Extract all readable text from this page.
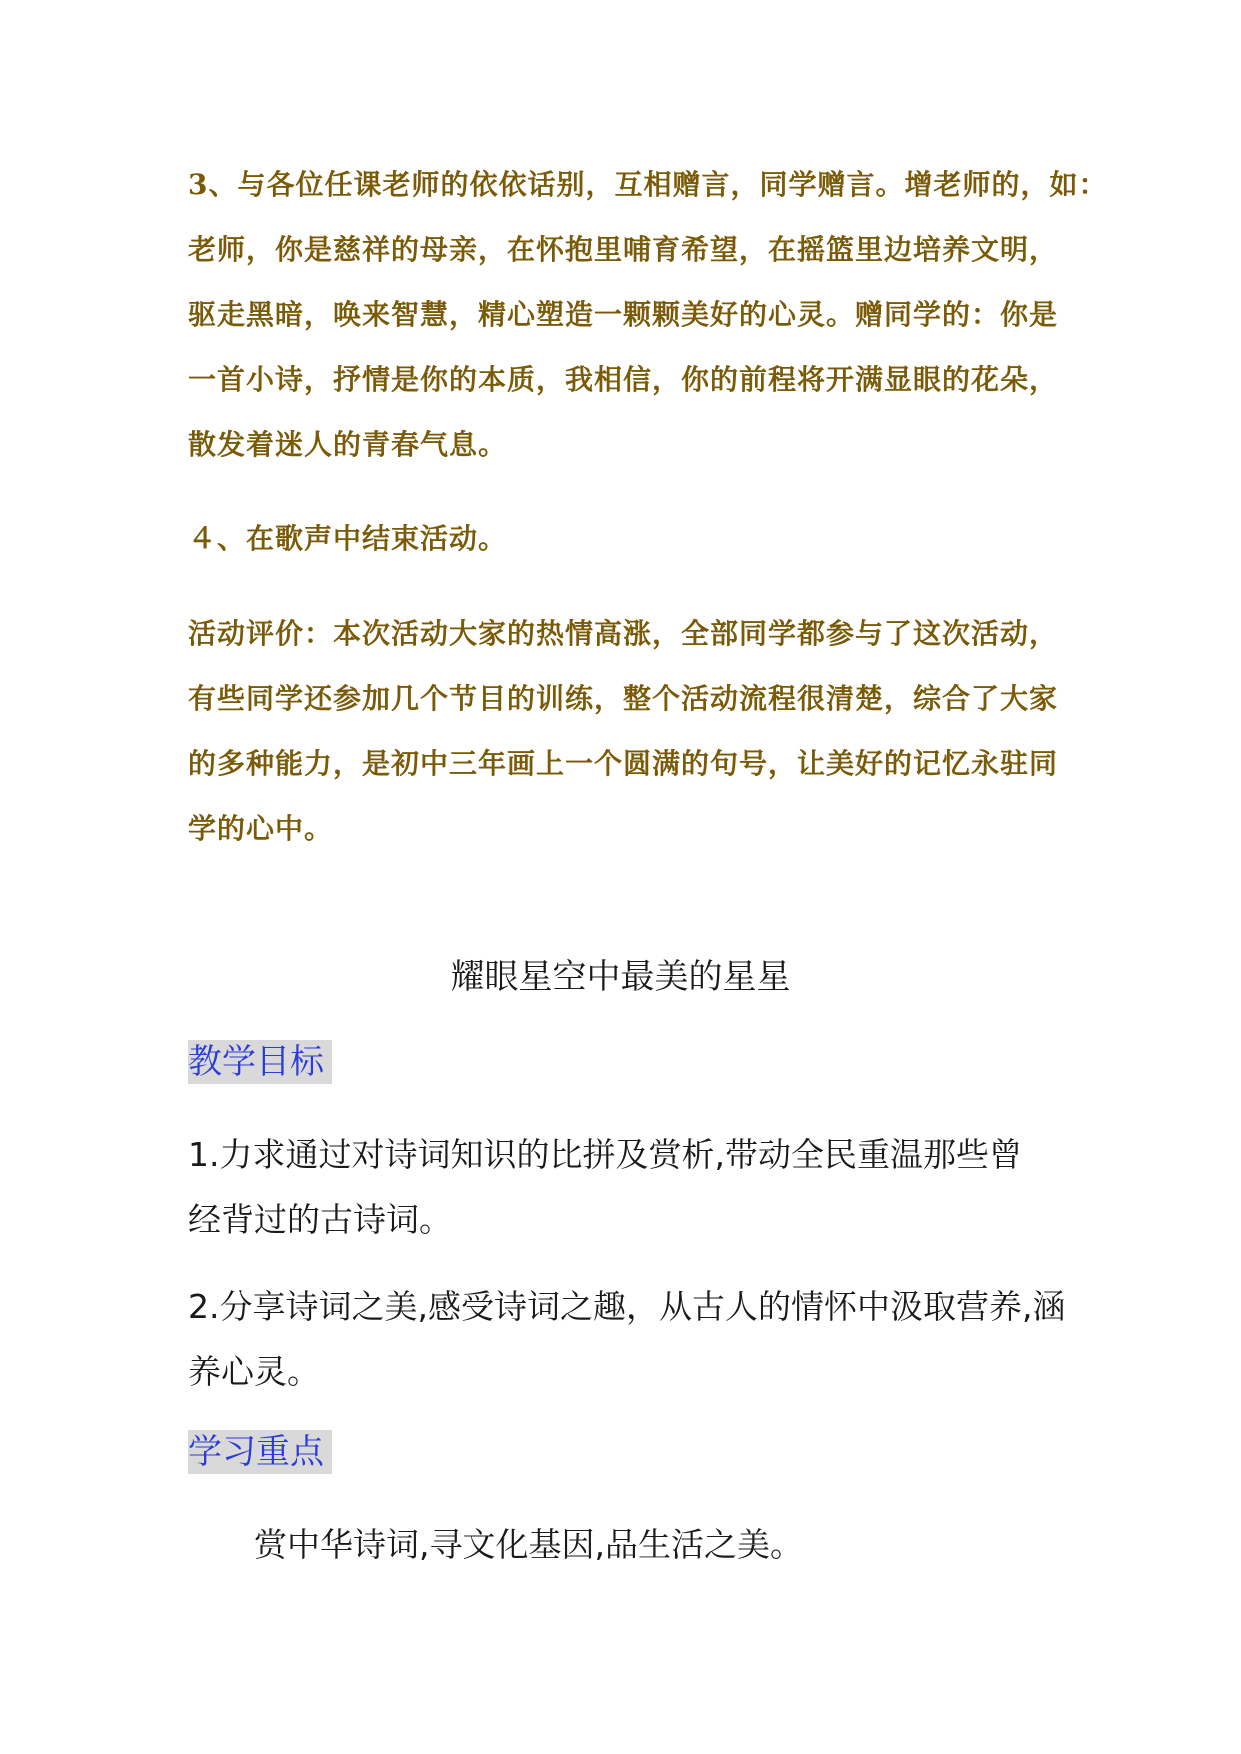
3、与各位任课老师的依依话别，互相赠言，同学赠言。增老师的，如：
老师，你是慈祥的母亲，在怀抱里哺育希望，在摇篮里边培养文明，
驱走黑暗，唤来智慧，精心塑造一颗颗美好的心灵。赠同学的：你是
一首小诗，抒情是你的本质，我相信，你的前程将开满显眼的花朵，
散发着迷人的青春气息。
４、在歌声中结束活动。
活动评价：本次活动大家的热情高涨，全部同学都参与了这次活动，
有些同学还参加几个节目的训练，整个活动流程很清楚，综合了大家
的多种能力，是初中三年画上一个圆满的句号，让美好的记忆永驻同
学的心中。
耀眼星空中最美的星星
教学目标
1.力求通过对诗词知识的比拼及赏析,带动全民重温那些曾
经背过的古诗词。
2.分享诗词之美,感受诗词之趣，从古人的情怀中汲取营养,涵
养心灵。
学习重点
赏中华诗词,寻文化基因,品生活之美。
